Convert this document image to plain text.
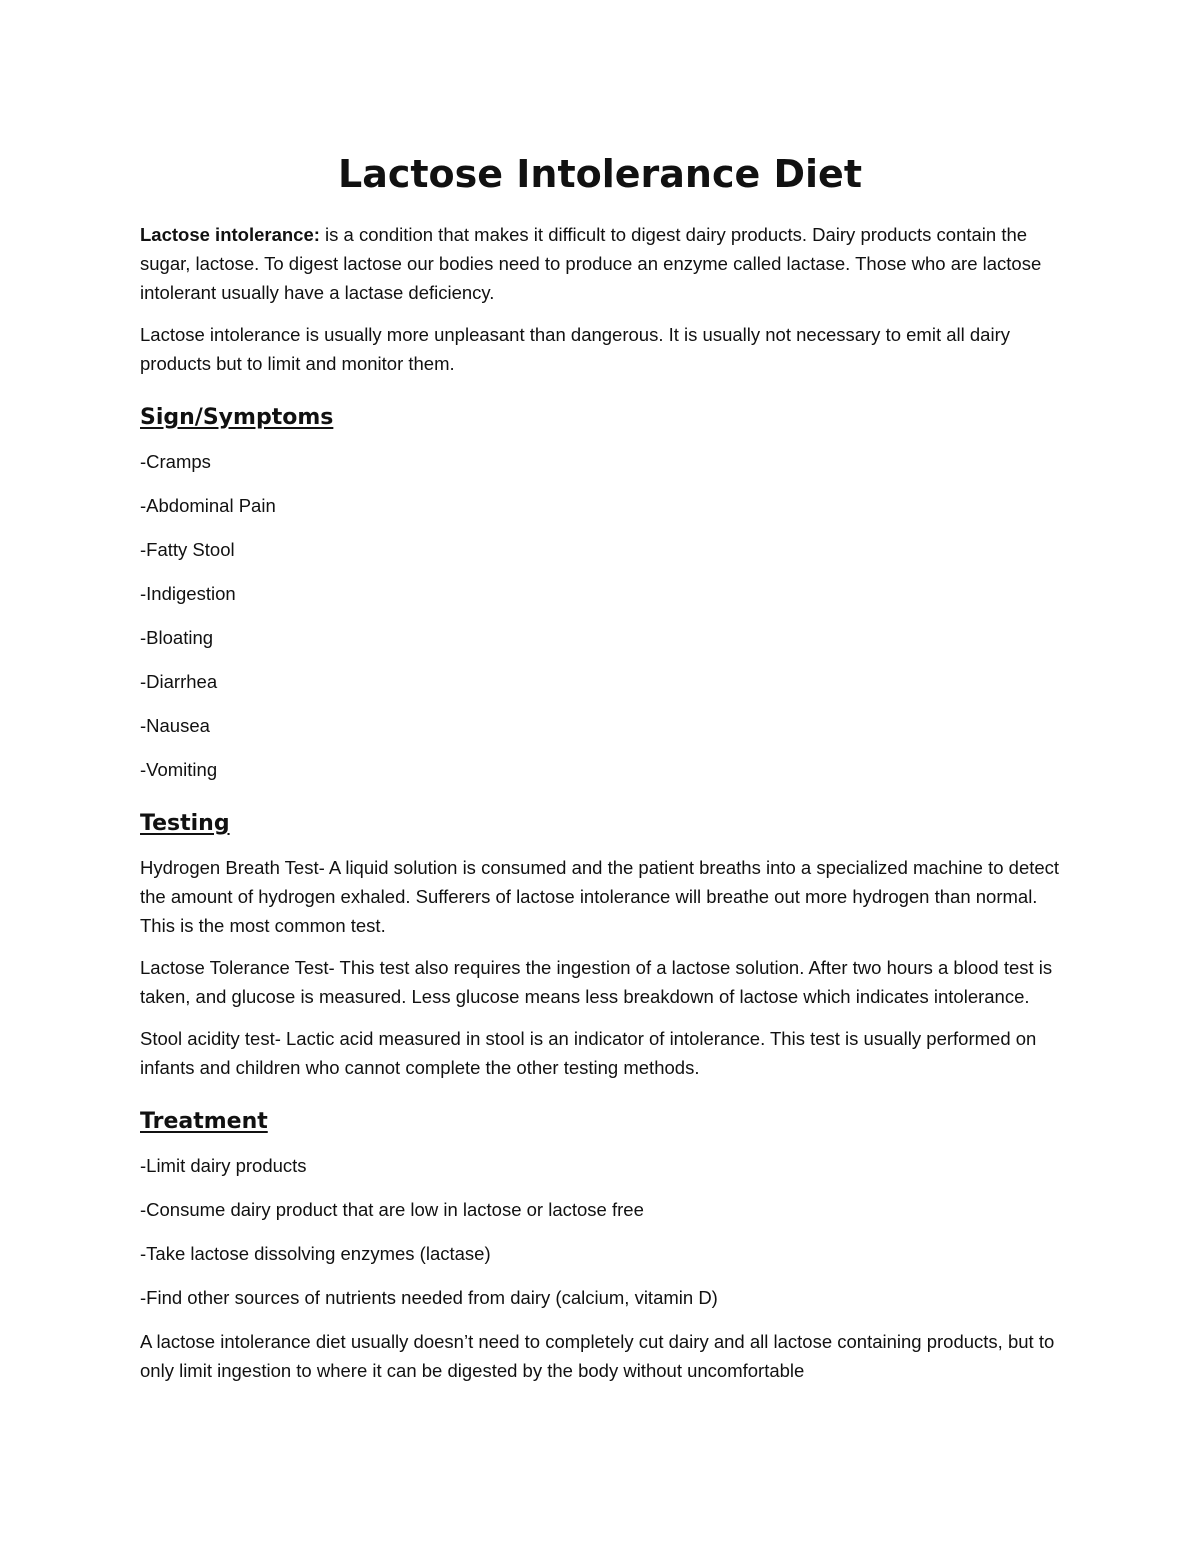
Lactose Intolerance Diet

Lactose intolerance: is a condition that makes it difficult to digest dairy products. Dairy products contain the sugar, lactose. To digest lactose our bodies need to produce an enzyme called lactase. Those who are lactose intolerant usually have a lactase deficiency.

Lactose intolerance is usually more unpleasant than dangerous. It is usually not necessary to emit all dairy products but to limit and monitor them.

Sign/Symptoms
-Cramps
-Abdominal Pain
-Fatty Stool
-Indigestion
-Bloating
-Diarrhea
-Nausea
-Vomiting
Testing

Hydrogen Breath Test- A liquid solution is consumed and the patient breaths into a specialized machine to detect the amount of hydrogen exhaled. Sufferers of lactose intolerance will breathe out more hydrogen than normal. This is the most common test.

Lactose Tolerance Test- This test also requires the ingestion of a lactose solution. After two hours a blood test is taken, and glucose is measured. Less glucose means less breakdown of lactose which indicates intolerance.

Stool acidity test- Lactic acid measured in stool is an indicator of intolerance. This test is usually performed on infants and children who cannot complete the other testing methods.

Treatment
-Limit dairy products
-Consume dairy product that are low in lactose or lactose free
-Take lactose dissolving enzymes (lactase)
-Find other sources of nutrients needed from dairy (calcium, vitamin D)

A lactose intolerance diet usually doesn’t need to completely cut dairy and all lactose containing products, but to only limit ingestion to where it can be digested by the body without uncomfortable
